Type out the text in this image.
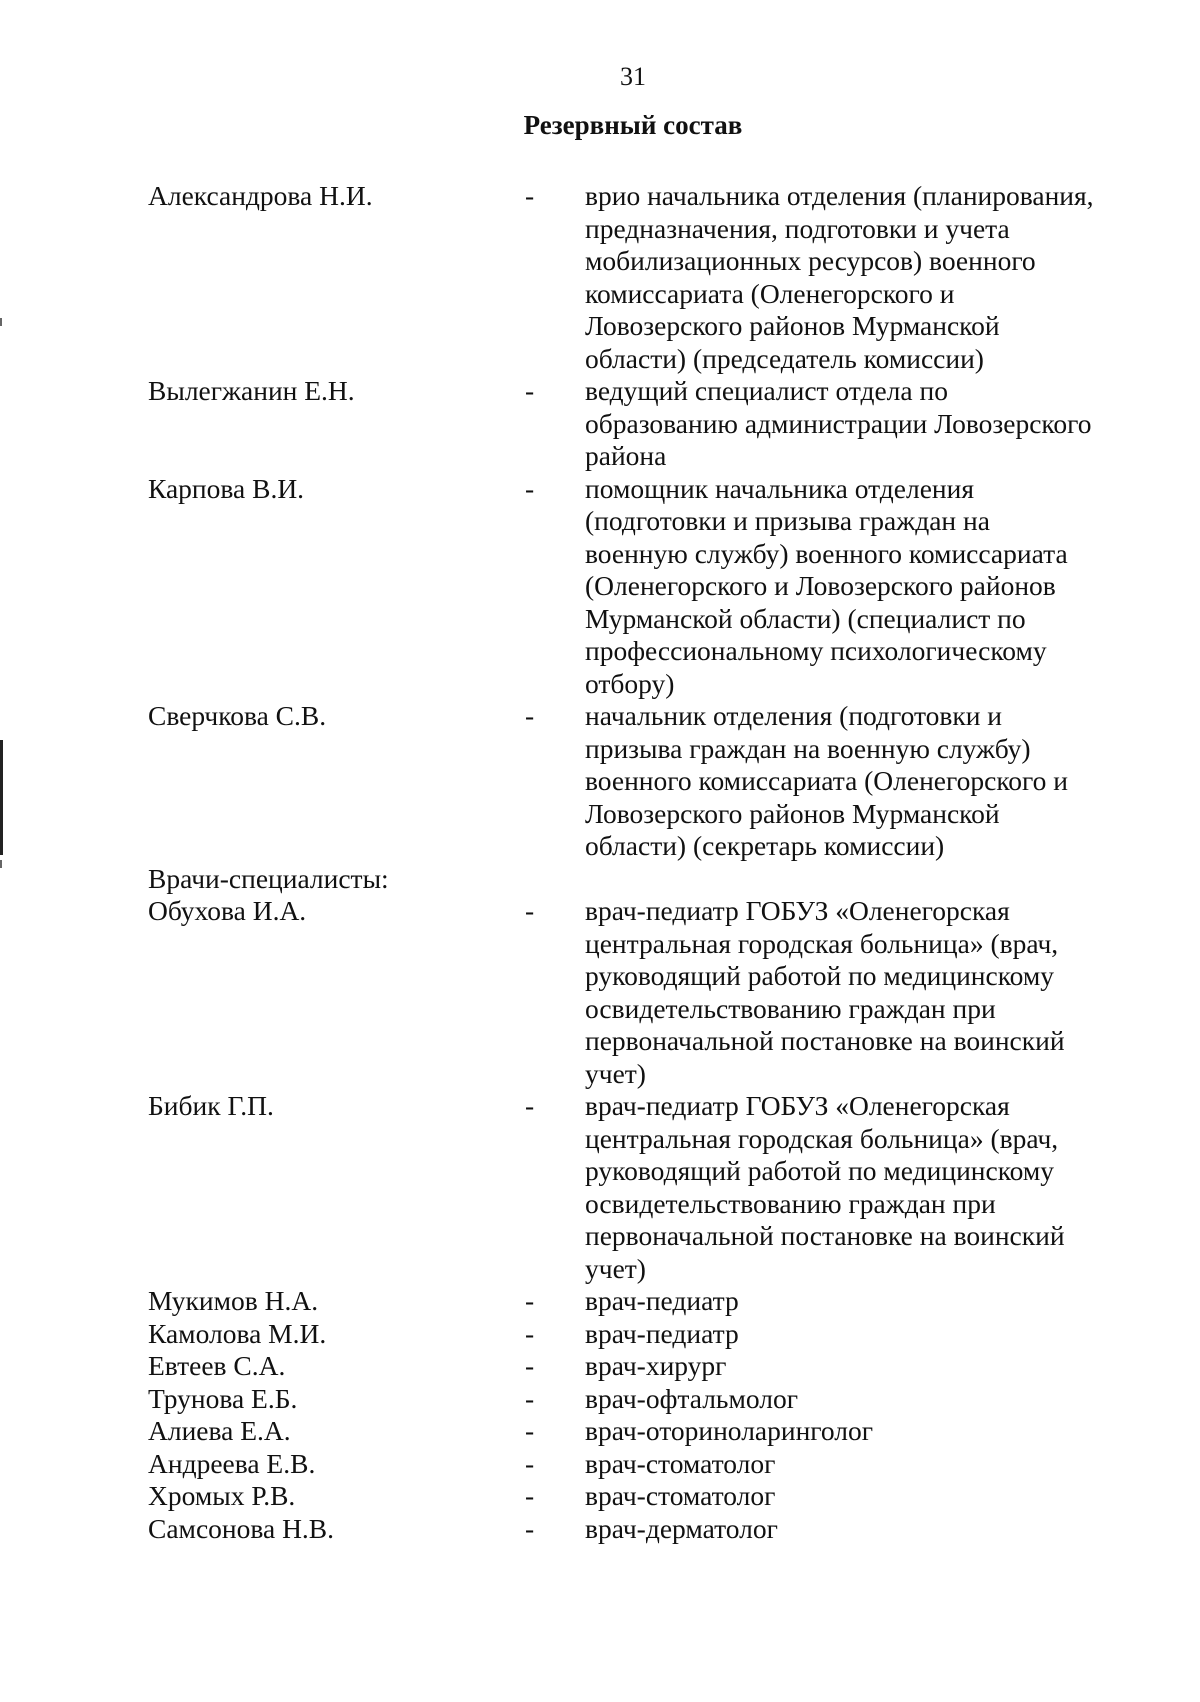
31
Резервный состав
Александрова Н.И.	- врио начальника отделения (планирования,
предназначения, подготовки и учета
мобилизационных ресурсов) военного
комиссариата (Оленегорского и
Ловозерского районов Мурманской
области) (председатель комиссии)
Вылегжанин Е.Н.	- ведущий специалист отдела по
образованию администрации Ловозерского
района
Карпова В.И.	- помощник начальника отделения
(подготовки и призыва граждан на
военную службу) военного комиссариата
(Оленегорского и Ловозерского районов
Мурманской области) (специалист по
профессиональному психологическому
отбору)
Сверчкова С.В.	- начальник отделения (подготовки и
призыва граждан на военную службу)
военного комиссариата (Оленегорского и
Ловозерского районов Мурманской
области) (секретарь комиссии)
Врачи-специалисты:
Обухова И.А.	- врач-педиатр ГОБУЗ «Оленегорская
центральная городская больница» (врач,
руководящий работой по медицинскому
освидетельствованию граждан при
первоначальной постановке на воинский
учет)
Бибик Г.П.	- врач-педиатр ГОБУЗ «Оленегорская
центральная городская больница» (врач,
руководящий работой по медицинскому
освидетельствованию граждан при
первоначальной постановке на воинский
учет)
Мукимов Н.А.	- врач-педиатр
Камолова М.И.	- врач-педиатр
Евтеев С.А.	- врач-хирург
Трунова Е.Б.	- врач-офтальмолог
Алиева Е.А.	- врач-оториноларинголог
Андреева Е.В.	- врач-стоматолог
Хромых Р.В.	- врач-стоматолог
Самсонова Н.В.	- врач-дерматолог
